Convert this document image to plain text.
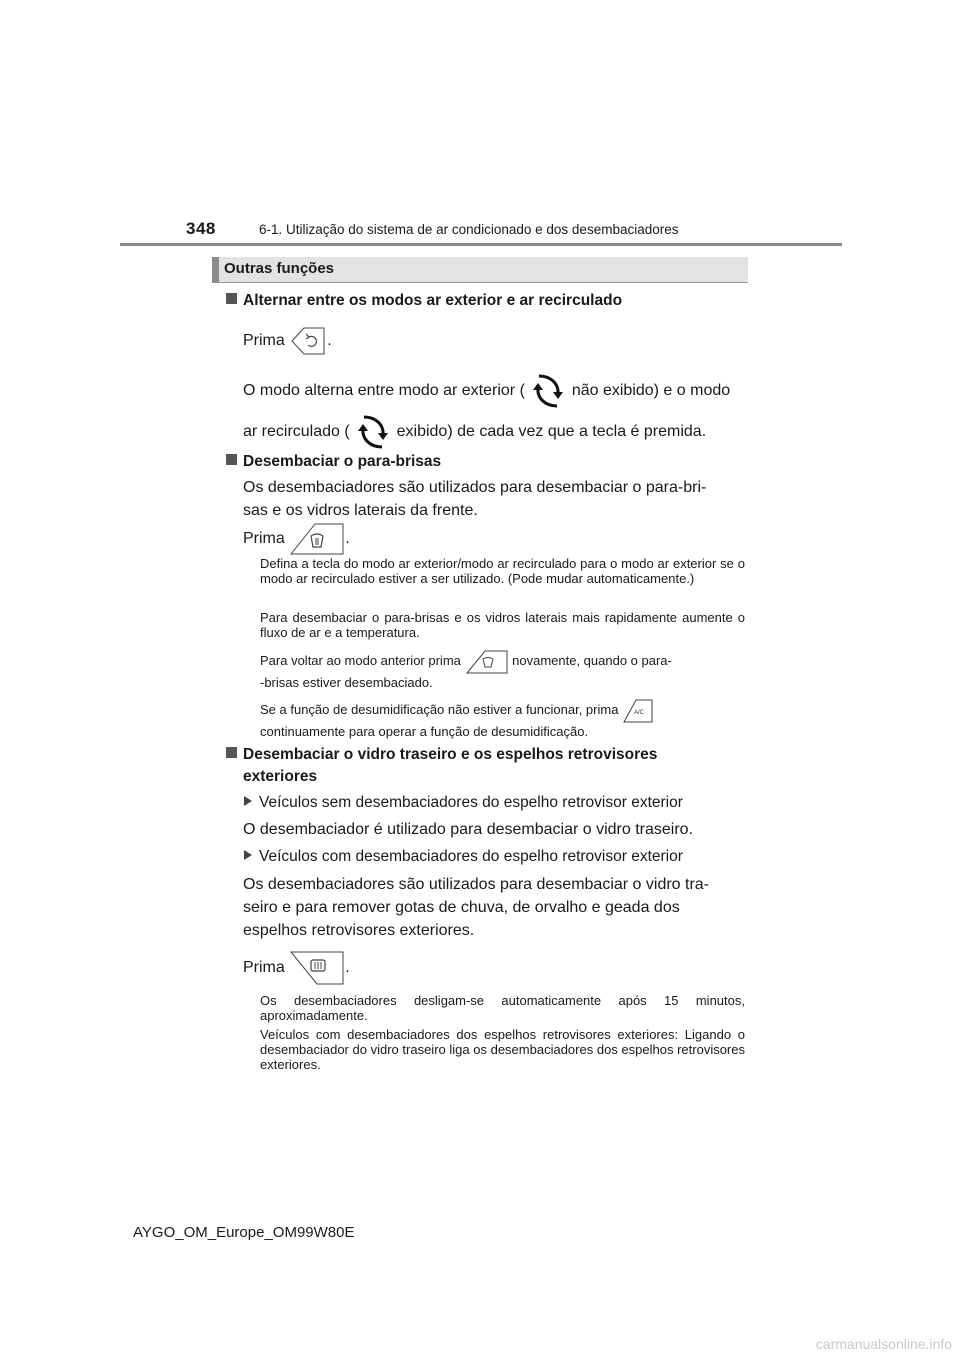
348	6-1. Utilização do sistema de ar condicionado e dos desembaciadores
Outras funções
Alternar entre os modos ar exterior e ar recirculado
Prima	.
O modo alterna entre modo ar exterior (	não exibido) e o modo
ar recirculado (	exibido) de cada vez que a tecla é premida.
Desembaciar o para-brisas
Os desembaciadores são utilizados para desembaciar o para-bri-
sas e os vidros laterais da frente.
Prima	.
Defina a tecla do modo ar exterior/modo ar recirculado para o modo ar exterior se o modo ar recirculado estiver a ser utilizado. (Pode mudar automaticamente.)
Para desembaciar o para-brisas e os vidros laterais mais rapidamente aumente o fluxo de ar e a temperatura.
Para voltar ao modo anterior prima	novamente, quando o para-
-brisas estiver desembaciado.
Se a função de desumidificação não estiver a funcionar, prima	A/C
continuamente para operar a função de desumidificação.
Desembaciar o vidro traseiro e os espelhos retrovisores
exteriores
Veículos sem desembaciadores do espelho retrovisor exterior
O desembaciador é utilizado para desembaciar o vidro traseiro.
Veículos com desembaciadores do espelho retrovisor exterior
Os desembaciadores são utilizados para desembaciar o vidro tra-
seiro e para remover gotas de chuva, de orvalho e geada dos
espelhos retrovisores exteriores.
Prima	.
Os desembaciadores desligam-se automaticamente após 15 minutos, aproximadamente.
Veículos com desembaciadores dos espelhos retrovisores exteriores: Ligando o desembaciador do vidro traseiro liga os desembaciadores dos espelhos retrovisores exteriores.
AYGO_OM_Europe_OM99W80E
carmanualsonline.info
